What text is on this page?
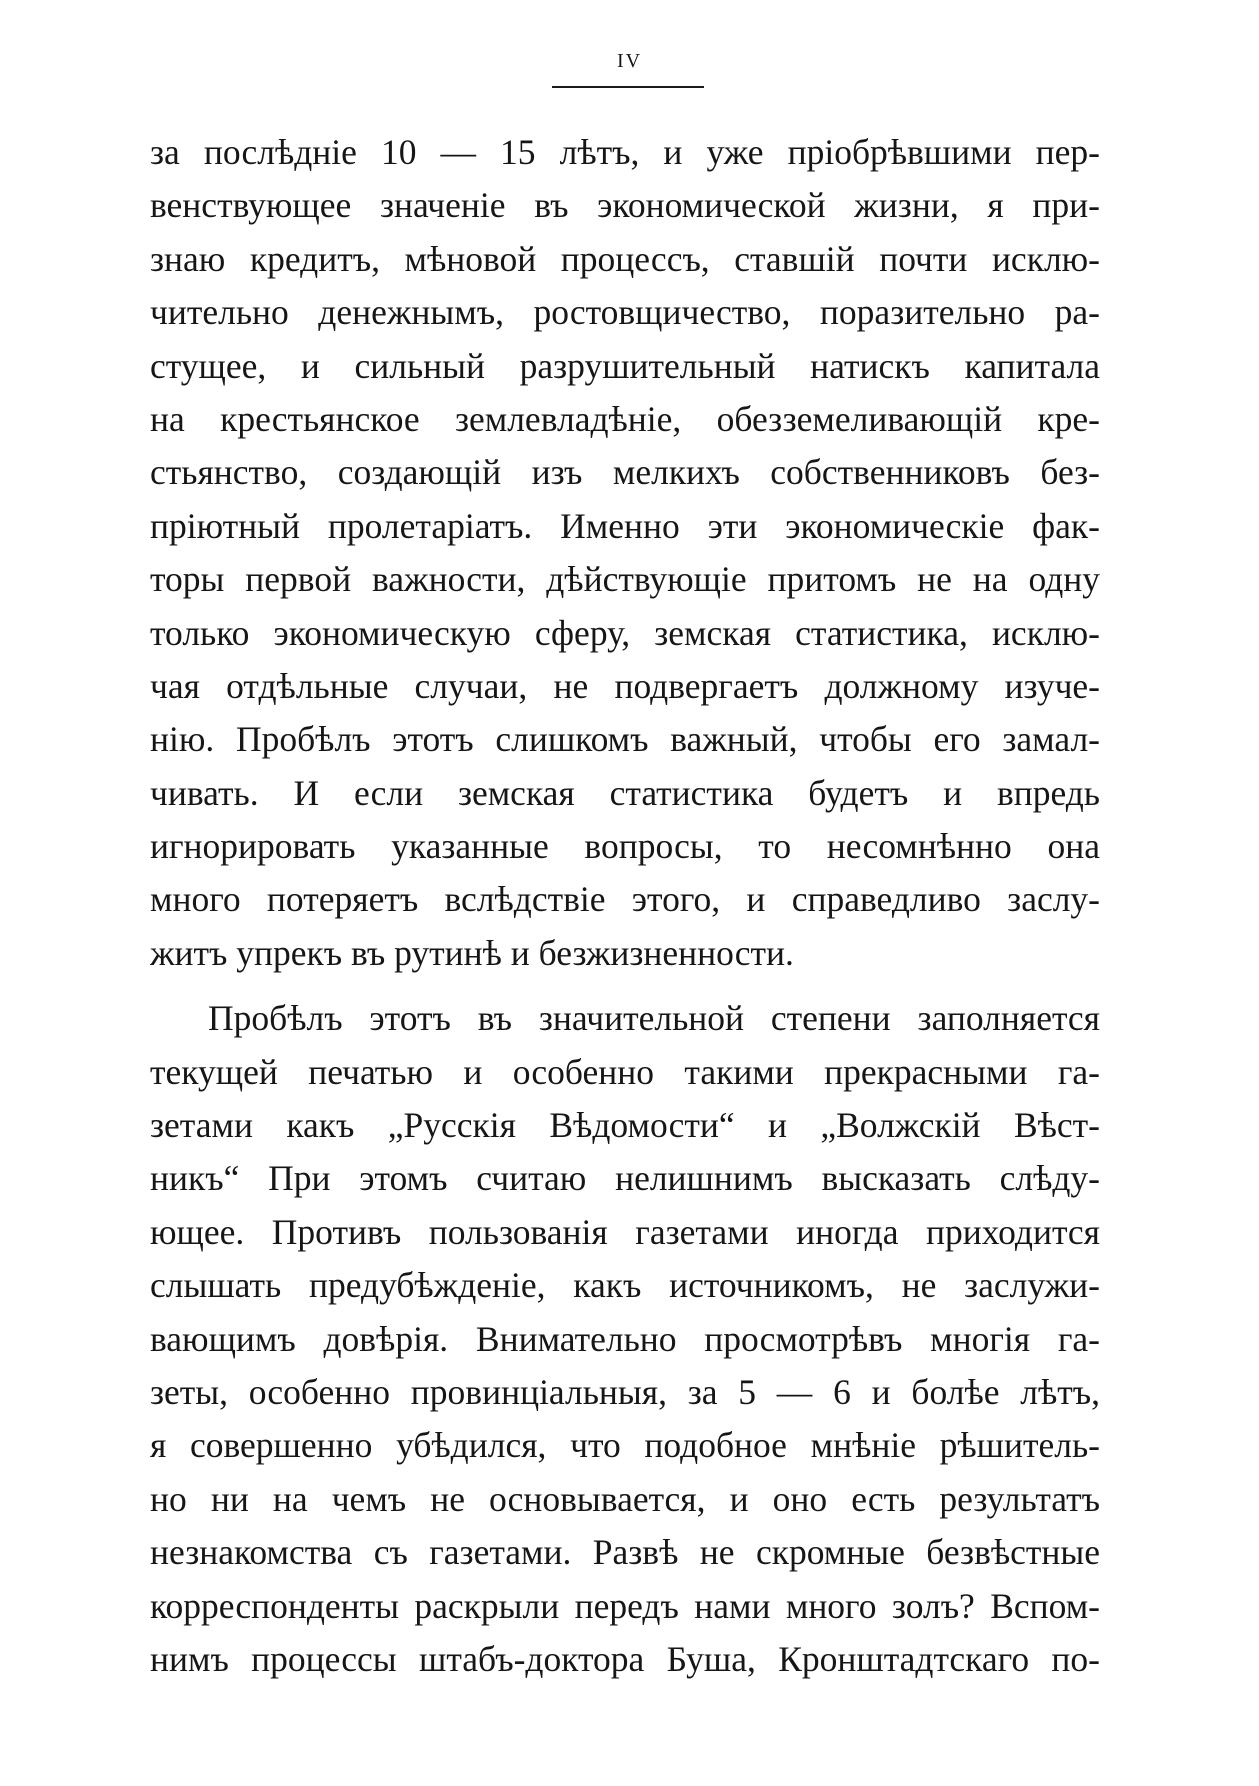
IV
за послѣдніе 10 — 15 лѣтъ, и уже пріобрѣвшими пер-
венствующее значеніе въ экономической жизни, я при-
знаю кредитъ, мѣновой процессъ, ставшій почти исклю-
чительно денежнымъ, ростовщичество, поразительно ра-
стущее, и сильный разрушительный натискъ капитала
на крестьянское землевладѣніе, обезземеливающій кре-
стьянство, создающій изъ мелкихъ собственниковъ без-
пріютный пролетаріатъ. Именно эти экономическіе фак-
торы первой важности, дѣйствующіе притомъ не на одну
только экономическую сферу, земская статистика, исклю-
чая отдѣльные случаи, не подвергаетъ должному изуче-
нію. Пробѣлъ этотъ слишкомъ важный, чтобы его замал-
чивать. И если земская статистика будетъ и впредь
игнорировать указанные вопросы, то несомнѣнно она
много потеряетъ вслѣдствіе этого, и справедливо заслу-
житъ упрекъ въ рутинѣ и безжизненности.
Пробѣлъ этотъ въ значительной степени заполняется
текущей печатью и особенно такими прекрасными га-
зетами какъ „Русскія Вѣдомости“ и „Волжскій Вѣст-
никъ“ При этомъ считаю нелишнимъ высказать слѣду-
ющее. Противъ пользованія газетами иногда приходится
слышать предубѣжденіе, какъ источникомъ, не заслужи-
вающимъ довѣрія. Внимательно просмотрѣвъ многія га-
зеты, особенно провинціальныя, за 5 — 6 и болѣе лѣтъ,
я совершенно убѣдился, что подобное мнѣніе рѣшитель-
но ни на чемъ не основывается, и оно есть результатъ
незнакомства съ газетами. Развѣ не скромные безвѣстные
корреспонденты раскрыли передъ нами много золъ? Вспом-
нимъ процессы штабъ-доктора Буша, Кронштадтскаго по-
